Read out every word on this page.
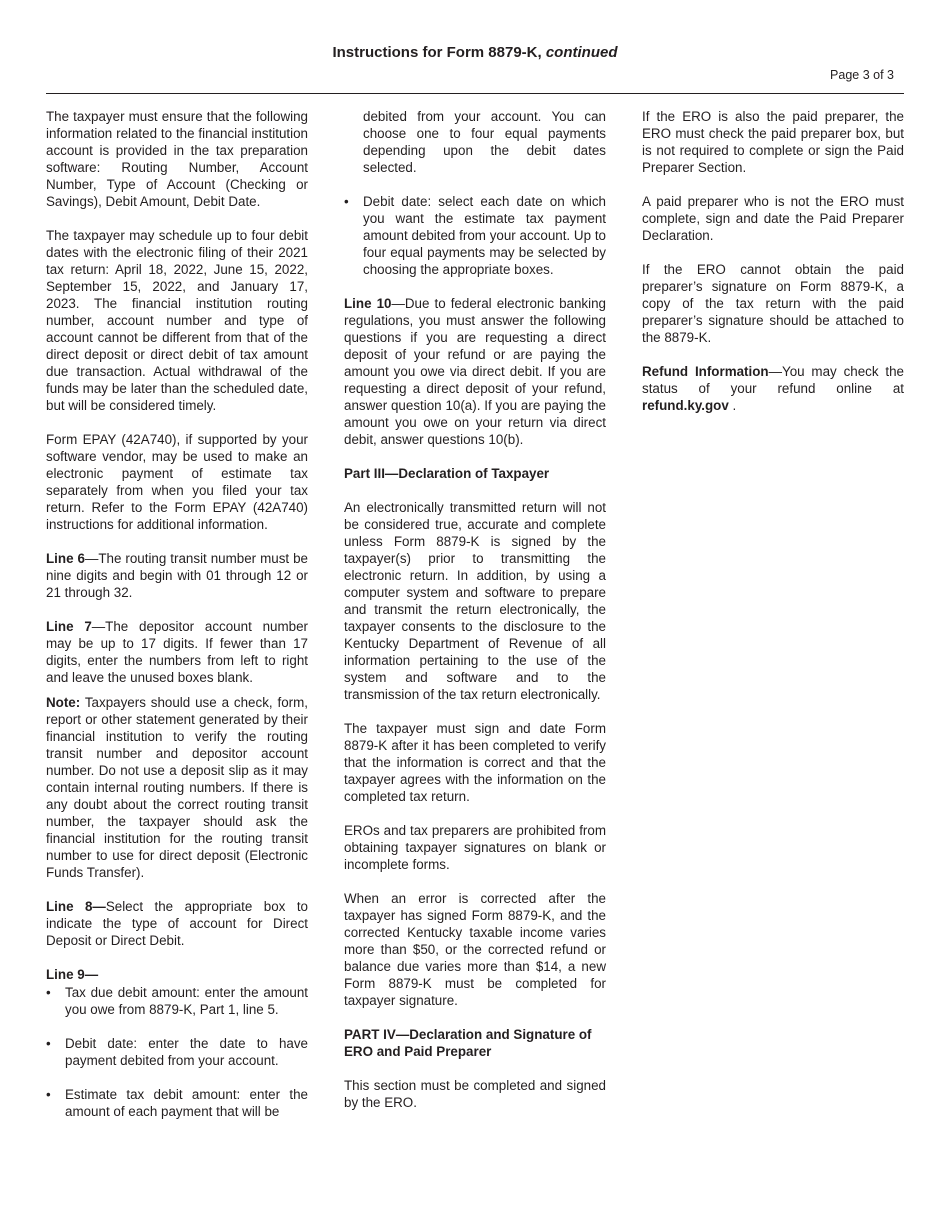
Instructions for Form 8879-K, continued
Page 3 of 3

The taxpayer must ensure that the following information related to the financial institution account is provided in the tax preparation software: Routing Number, Account Number, Type of Account (Checking or Savings), Debit Amount, Debit Date.

The taxpayer may schedule up to four debit dates with the electronic filing of their 2021 tax return: April 18, 2022, June 15, 2022, September 15, 2022, and January 17, 2023. The financial institution routing number, account number and type of account cannot be different from that of the direct deposit or direct debit of tax amount due transaction. Actual withdrawal of the funds may be later than the scheduled date, but will be considered timely.

Form EPAY (42A740), if supported by your software vendor, may be used to make an electronic payment of estimate tax separately from when you filed your tax return. Refer to the Form EPAY (42A740) instructions for additional information.

Line 6—The routing transit number must be nine digits and begin with 01 through 12 or 21 through 32.

Line 7—The depositor account number may be up to 17 digits. If fewer than 17 digits, enter the numbers from left to right and leave the unused boxes blank.

Note: Taxpayers should use a check, form, report or other statement generated by their financial institution to verify the routing transit number and depositor account number. Do not use a deposit slip as it may contain internal routing numbers. If there is any doubt about the correct routing transit number, the taxpayer should ask the financial institution for the routing transit number to use for direct deposit (Electronic Funds Transfer).

Line 8—Select the appropriate box to indicate the type of account for Direct Deposit or Direct Debit.

Line 9—

• Tax due debit amount: enter the amount you owe from 8879-K, Part 1, line 5.
• Debit date: enter the date to have payment debited from your account.
• Estimate tax debit amount: enter the amount of each payment that will be

debited from your account. You can choose one to four equal payments depending upon the debit dates selected.

• Debit date: select each date on which you want the estimate tax payment amount debited from your account. Up to four equal payments may be selected by choosing the appropriate boxes.

Line 10—Due to federal electronic banking regulations, you must answer the following questions if you are requesting a direct deposit of your refund or are paying the amount you owe via direct debit. If you are requesting a direct deposit of your refund, answer question 10(a). If you are paying the amount you owe on your return via direct debit, answer questions 10(b).

Part III—Declaration of Taxpayer

An electronically transmitted return will not be considered true, accurate and complete unless Form 8879-K is signed by the taxpayer(s) prior to transmitting the electronic return. In addition, by using a computer system and software to prepare and transmit the return electronically, the taxpayer consents to the disclosure to the Kentucky Department of Revenue of all information pertaining to the use of the system and software and to the transmission of the tax return electronically.

The taxpayer must sign and date Form 8879-K after it has been completed to verify that the information is correct and that the taxpayer agrees with the information on the completed tax return.

EROs and tax preparers are prohibited from obtaining taxpayer signatures on blank or incomplete forms.

When an error is corrected after the taxpayer has signed Form 8879-K, and the corrected Kentucky taxable income varies more than $50, or the corrected refund or balance due varies more than $14, a new Form 8879-K must be completed for taxpayer signature.

PART IV—Declaration and Signature of ERO and Paid Preparer

This section must be completed and signed by the ERO.

If the ERO is also the paid preparer, the ERO must check the paid preparer box, but is not required to complete or sign the Paid Preparer Section.

A paid preparer who is not the ERO must complete, sign and date the Paid Preparer Declaration.

If the ERO cannot obtain the paid preparer’s signature on Form 8879-K, a copy of the tax return with the paid preparer’s signature should be attached to the 8879-K.

Refund Information—You may check the status of your refund online at refund.ky.gov .
